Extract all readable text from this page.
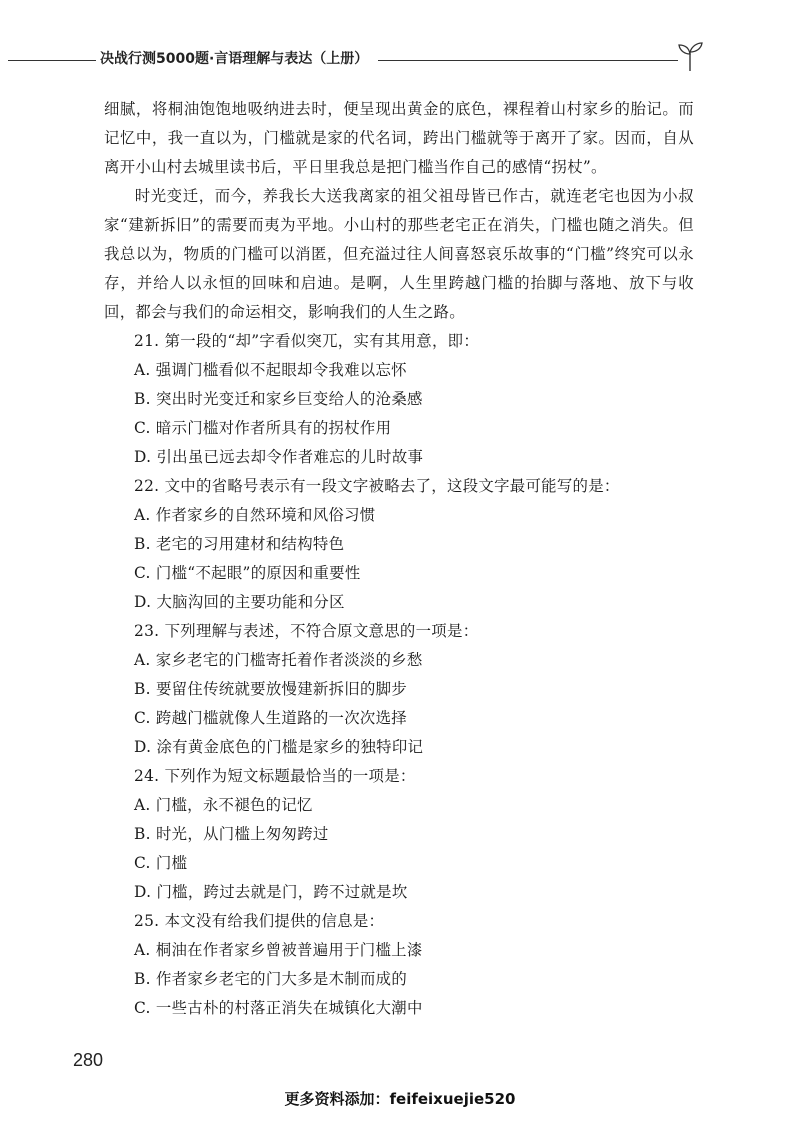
决战行测5000题·言语理解与表达（上册）

细腻，将桐油饱饱地吸纳进去时，便呈现出黄金的底色，裸程着山村家乡的胎记。而记忆中，我一直以为，门槛就是家的代名词，跨出门槛就等于离开了家。因而，自从离开小山村去城里读书后，平日里我总是把门槛当作自己的感情“拐杖”。

时光变迁，而今，养我长大送我离家的祖父祖母皆已作古，就连老宅也因为小叔家“建新拆旧”的需要而夷为平地。小山村的那些老宅正在消失，门槛也随之消失。但我总以为，物质的门槛可以消匿，但充溢过往人间喜怒哀乐故事的“门槛”终究可以永存，并给人以永恒的回味和启迪。是啊，人生里跨越门槛的抬脚与落地、放下与收回，都会与我们的命运相交，影响我们的人生之路。

21. 第一段的“却”字看似突兀，实有其用意，即：

A. 强调门槛看似不起眼却令我难以忘怀

B. 突出时光变迁和家乡巨变给人的沧桑感

C. 暗示门槛对作者所具有的拐杖作用

D. 引出虽已远去却令作者难忘的儿时故事

22. 文中的省略号表示有一段文字被略去了，这段文字最可能写的是：

A. 作者家乡的自然环境和风俗习惯

B. 老宅的习用建材和结构特色

C. 门槛“不起眼”的原因和重要性

D. 大脑沟回的主要功能和分区

23. 下列理解与表述，不符合原文意思的一项是：

A. 家乡老宅的门槛寄托着作者淡淡的乡愁

B. 要留住传统就要放慢建新拆旧的脚步

C. 跨越门槛就像人生道路的一次次选择

D. 涂有黄金底色的门槛是家乡的独特印记

24. 下列作为短文标题最恰当的一项是：

A. 门槛，永不褪色的记忆

B. 时光，从门槛上匆匆跨过

C. 门槛

D. 门槛，跨过去就是门，跨不过就是坎

25. 本文没有给我们提供的信息是：

A. 桐油在作者家乡曾被普遍用于门槛上漆

B. 作者家乡老宅的门大多是木制而成的

C. 一些古朴的村落正消失在城镇化大潮中

280
更多资料添加：feifeixuejie520
